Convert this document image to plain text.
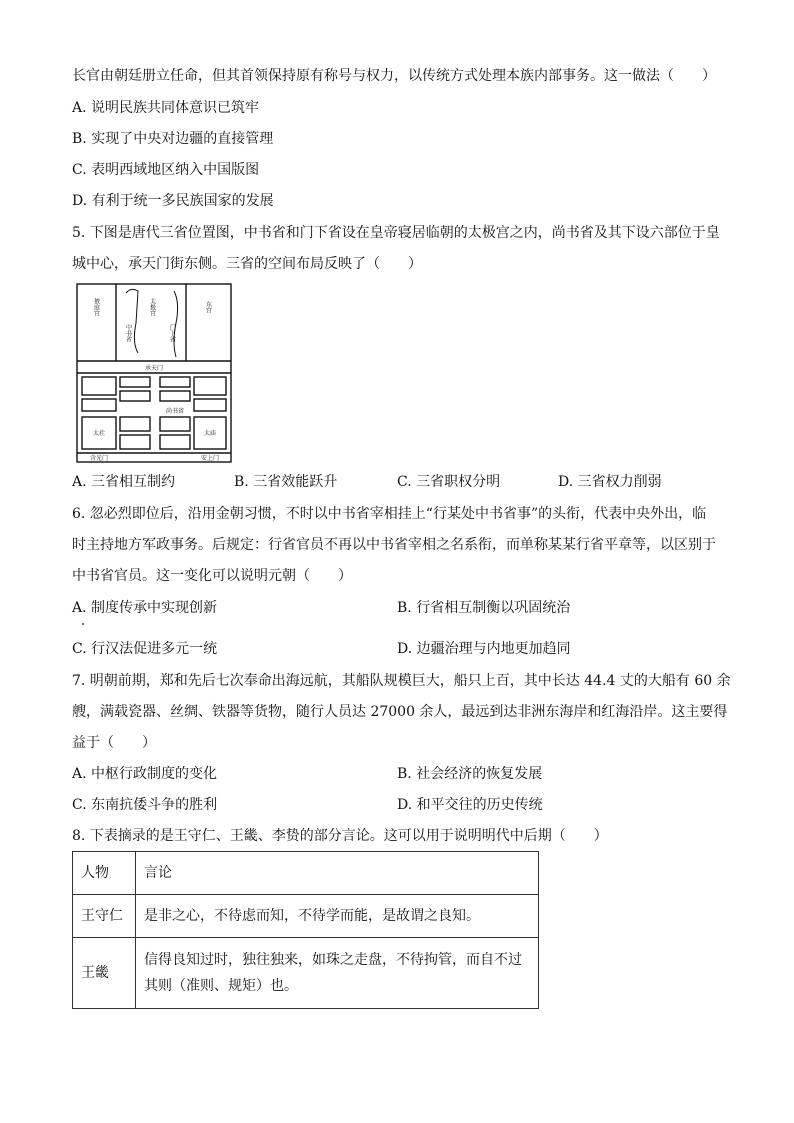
长官由朝廷册立任命，但其首领保持原有称号与权力，以传统方式处理本族内部事务。这一做法（　　）
A. 说明民族共同体意识已筑牢
B. 实现了中央对边疆的直接管理
C. 表明西域地区纳入中国版图
D. 有利于统一多民族国家的发展
5. 下图是唐代三省位置图，中书省和门下省设在皇帝寝居临朝的太极宫之内，尚书省及其下设六部位于皇
城中心，承天门街东侧。三省的空间布局反映了（　　）
掖庭宫	太极宫	东宫
中书省	门下省
承天门
尚书省
太社	太庙
含光门	安上门
A. 三省相互制约	B. 三省效能跃升	C. 三省职权分明	D. 三省权力削弱
6. 忽必烈即位后，沿用金朝习惯，不时以中书省宰相挂上“行某处中书省事”的头衔，代表中央外出，临
时主持地方军政事务。后规定：行省官员不再以中书省宰相之名系衔，而单称某某行省平章等，以区别于
中书省官员。这一变化可以说明元朝（　　）
A. 制度传承中实现创新	B. 行省相互制衡以巩固统治
C. 行汉法促进多元一统	D. 边疆治理与内地更加趋同
7. 明朝前期，郑和先后七次奉命出海远航，其船队规模巨大，船只上百，其中长达 44.4 丈的大船有 60 余
艘，满载瓷器、丝绸、铁器等货物，随行人员达 27000 余人，最远到达非洲东海岸和红海沿岸。这主要得
益于（　　）
A. 中枢行政制度的变化	B. 社会经济的恢复发展
C. 东南抗倭斗争的胜利	D. 和平交往的历史传统
8. 下表摘录的是王守仁、王畿、李贽的部分言论。这可以用于说明明代中后期（　　）
人物	言论
王守仁	是非之心，不待虑而知，不待学而能，是故谓之良知。
王畿	信得良知过时，独往独来，如珠之走盘，不待拘管，而自不过
其则（准则、规矩）也。
